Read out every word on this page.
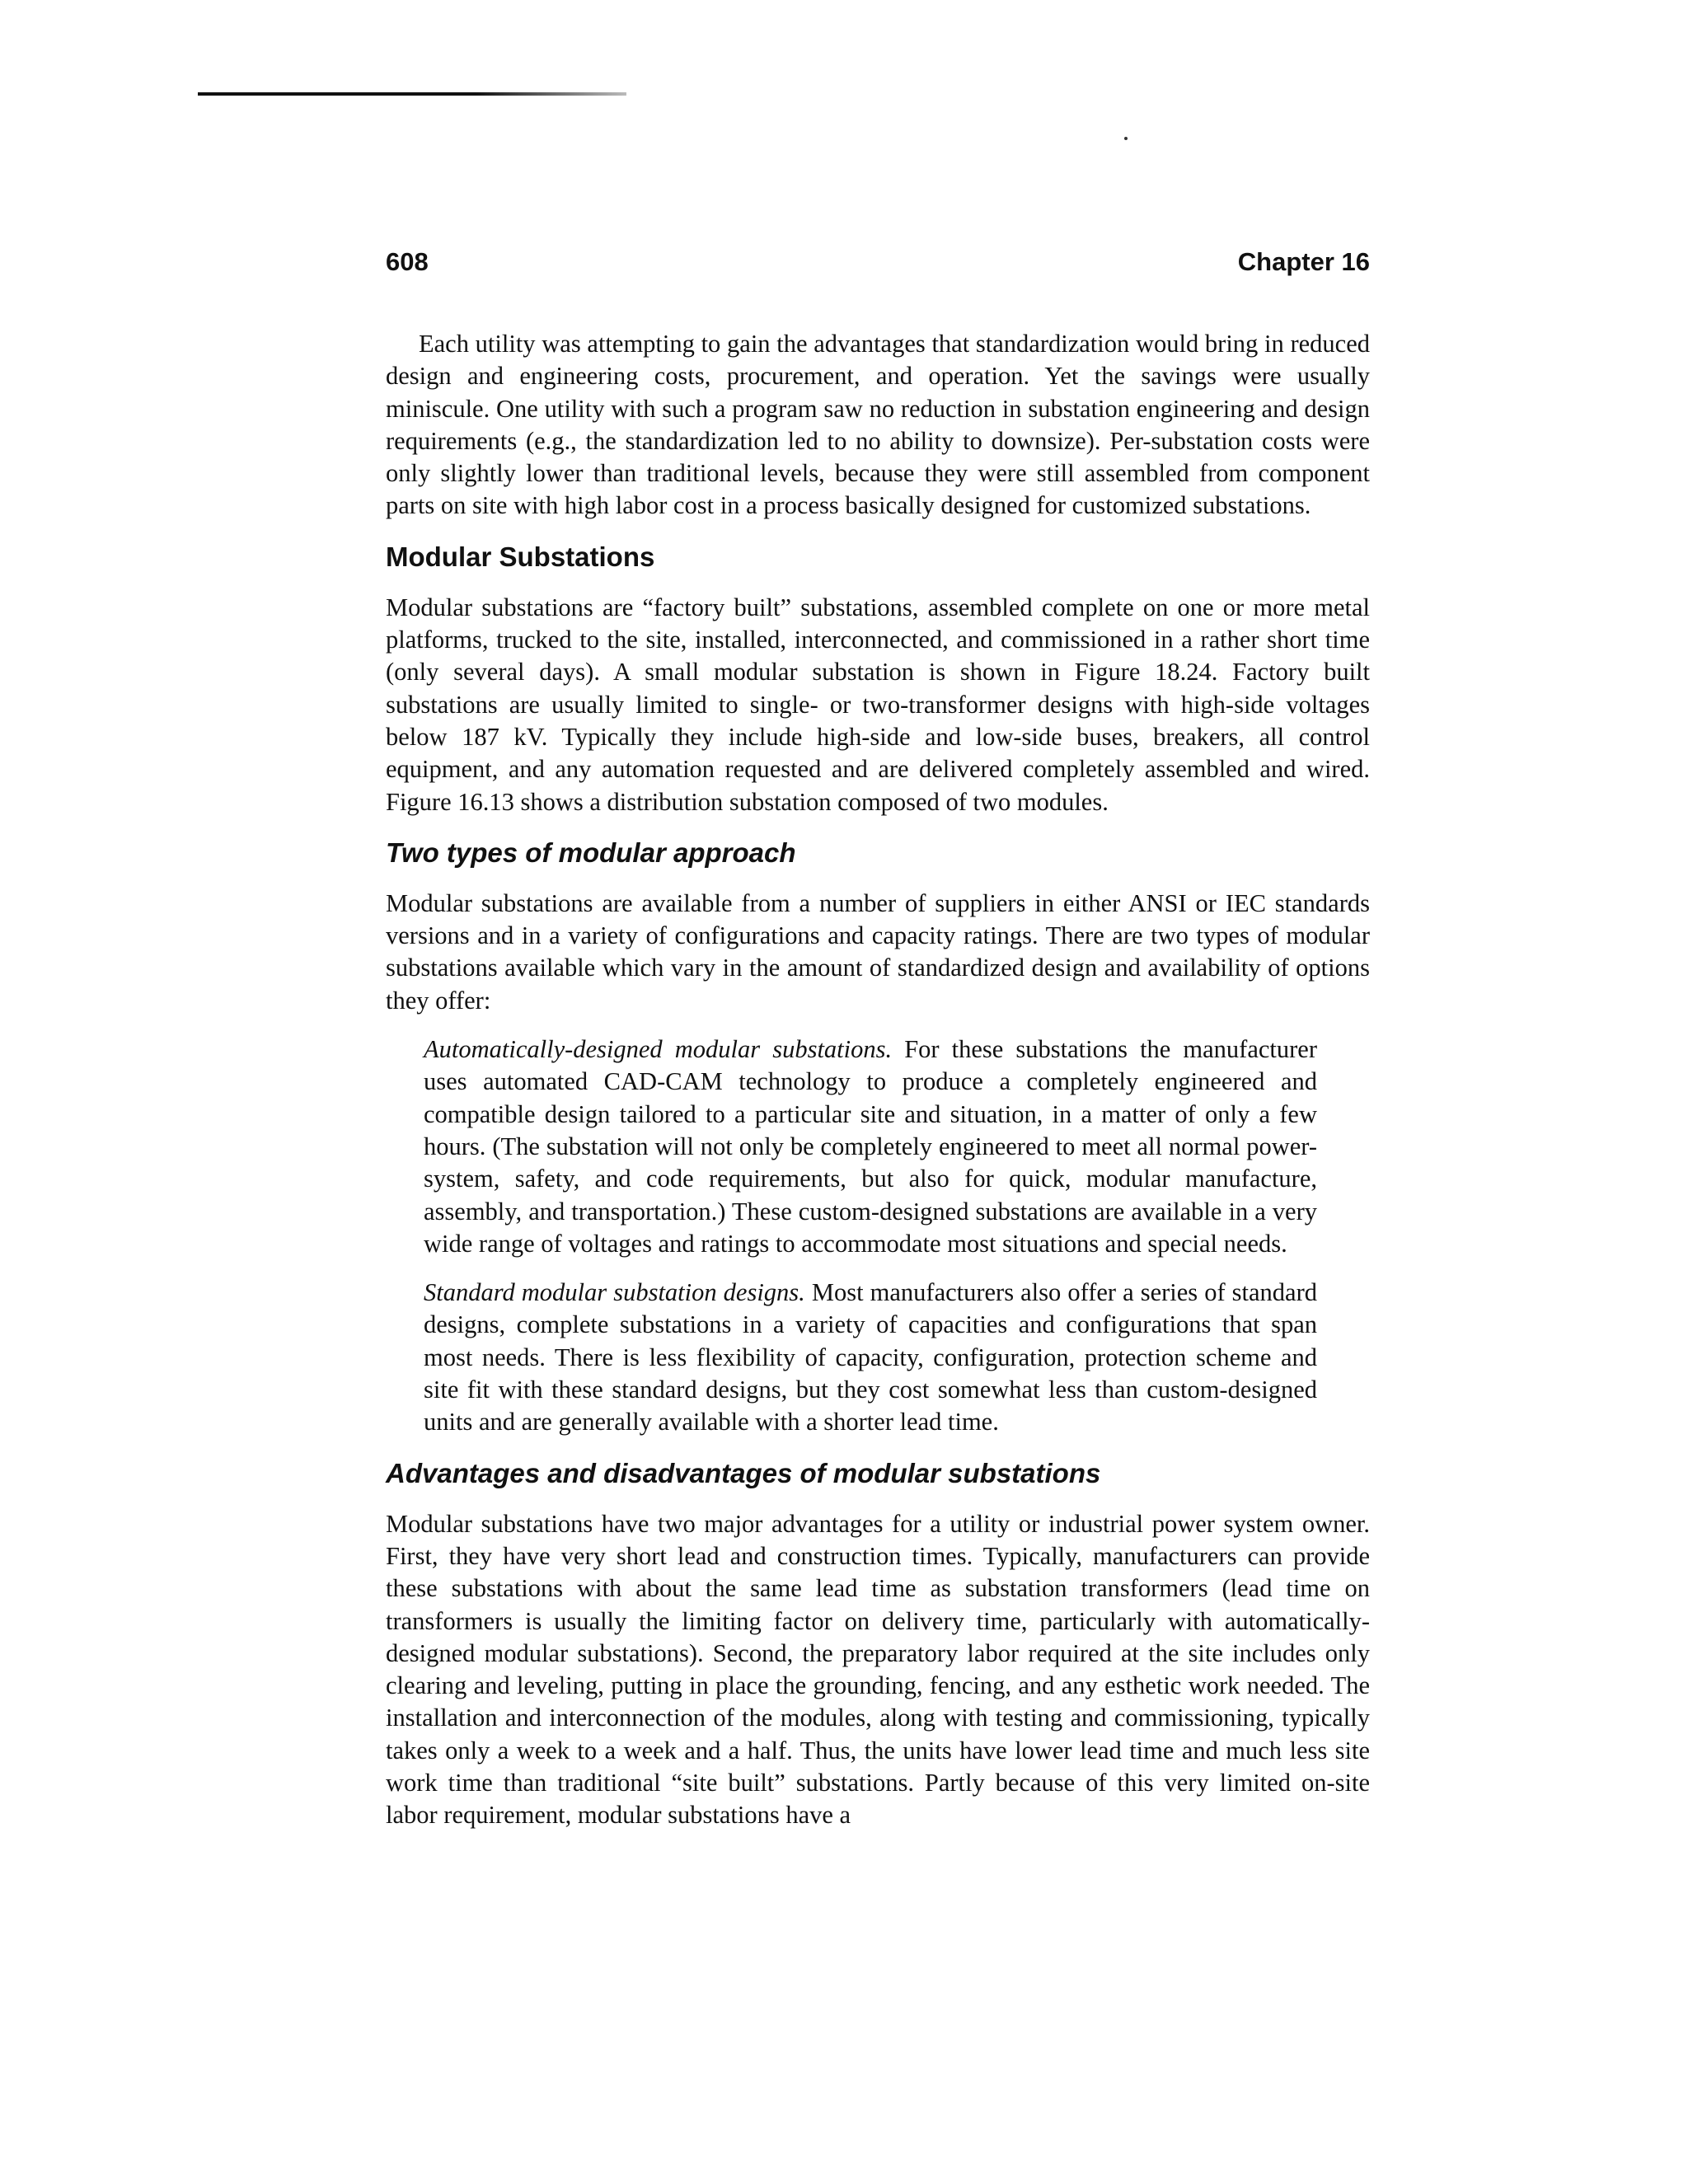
608	Chapter 16

Each utility was attempting to gain the advantages that standardization would bring in reduced design and engineering costs, procurement, and operation. Yet the savings were usually miniscule. One utility with such a program saw no reduction in substation engineering and design requirements (e.g., the standardization led to no ability to downsize). Per-substation costs were only slightly lower than traditional levels, because they were still assembled from component parts on site with high labor cost in a process basically designed for customized substations.

Modular Substations

Modular substations are “factory built” substations, assembled complete on one or more metal platforms, trucked to the site, installed, interconnected, and commissioned in a rather short time (only several days). A small modular substation is shown in Figure 18.24. Factory built substations are usually limited to single- or two-transformer designs with high-side voltages below 187 kV. Typically they include high-side and low-side buses, breakers, all control equipment, and any automation requested and are delivered completely assembled and wired. Figure 16.13 shows a distribution substation composed of two modules.

Two types of modular approach

Modular substations are available from a number of suppliers in either ANSI or IEC standards versions and in a variety of configurations and capacity ratings. There are two types of modular substations available which vary in the amount of standardized design and availability of options they offer:

Automatically-designed modular substations. For these substations the manufacturer uses automated CAD-CAM technology to produce a completely engineered and compatible design tailored to a particular site and situation, in a matter of only a few hours. (The substation will not only be completely engineered to meet all normal power-system, safety, and code requirements, but also for quick, modular manufacture, assembly, and transportation.) These custom-designed substations are available in a very wide range of voltages and ratings to accommodate most situations and special needs.

Standard modular substation designs. Most manufacturers also offer a series of standard designs, complete substations in a variety of capacities and configurations that span most needs. There is less flexibility of capacity, configuration, protection scheme and site fit with these standard designs, but they cost somewhat less than custom-designed units and are generally available with a shorter lead time.

Advantages and disadvantages of modular substations

Modular substations have two major advantages for a utility or industrial power system owner. First, they have very short lead and construction times. Typically, manufacturers can provide these substations with about the same lead time as substation transformers (lead time on transformers is usually the limiting factor on delivery time, particularly with automatically-designed modular substations). Second, the preparatory labor required at the site includes only clearing and leveling, putting in place the grounding, fencing, and any esthetic work needed. The installation and interconnection of the modules, along with testing and commissioning, typically takes only a week to a week and a half. Thus, the units have lower lead time and much less site work time than traditional “site built” substations. Partly because of this very limited on-site labor requirement, modular substations have a
